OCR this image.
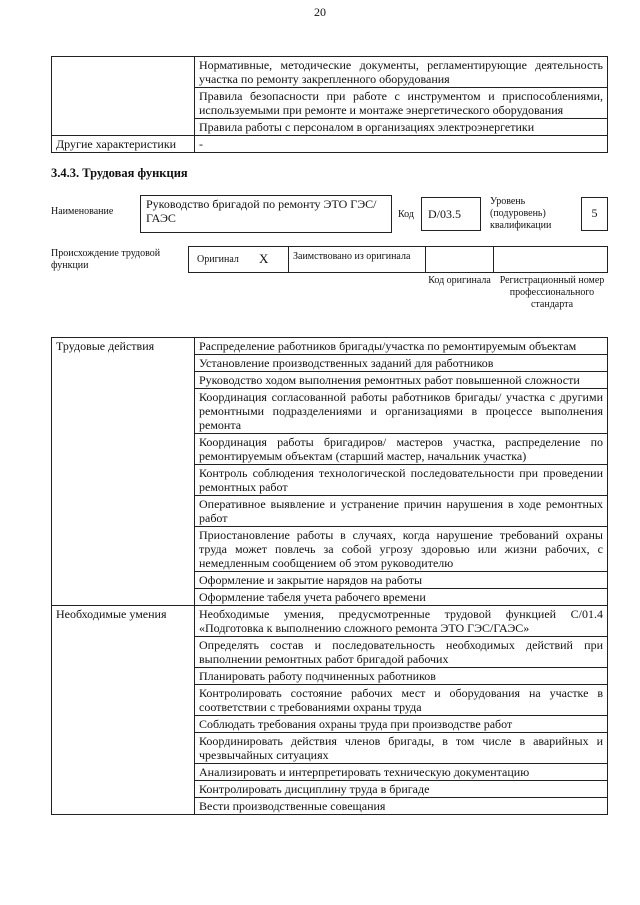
20
	Нормативные, методические документы, регламентирующие деятельность участка по ремонту закрепленного оборудования
	Правила безопасности при работе с инструментом и приспособлениями, используемыми при ремонте и монтаже энергетического оборудования
	Правила работы с персоналом в организациях электроэнергетики
Другие характеристики	-
3.4.3. Трудовая функция
Наименование
Руководство бригадой по ремонту ЭТО ГЭС/ГАЭС	Код	D/03.5
Уровень (подуровень) квалификации
5
Происхождение трудовой функции
Оригинал X	Заимствовано из оригинала
Код оригинала Регистрационный номер профессионального стандарта
Трудовые действия	Распределение работников бригады/участка по ремонтируемым объектам
	Установление производственных заданий для работников
	Руководство ходом выполнения ремонтных работ повышенной сложности
	Координация согласованной работы работников бригады/ участка с другими ремонтными подразделениями и организациями в процессе выполнения ремонта
	Координация работы бригадиров/ мастеров участка, распределение по ремонтируемым объектам (старший мастер, начальник участка)
	Контроль соблюдения технологической последовательности при проведении ремонтных работ
	Оперативное выявление и устранение причин нарушения в ходе ремонтных работ
	Приостановление работы в случаях, когда нарушение требований охраны труда может повлечь за собой угрозу здоровью или жизни рабочих, с немедленным сообщением об этом руководителю
	Оформление и закрытие нарядов на работы
	Оформление табеля учета рабочего времени
Необходимые умения	Необходимые умения, предусмотренные трудовой функцией С/01.4 «Подготовка к выполнению сложного ремонта ЭТО ГЭС/ГАЭС»
	Определять состав и последовательность необходимых действий при выполнении ремонтных работ бригадой рабочих
	Планировать работу подчиненных работников
	Контролировать состояние рабочих мест и оборудования на участке в соответствии с требованиями охраны труда
	Соблюдать требования охраны труда при производстве работ
	Координировать действия членов бригады, в том числе в аварийных и чрезвычайных ситуациях
	Анализировать и интерпретировать техническую документацию
	Контролировать дисциплину труда в бригаде
	Вести производственные совещания
